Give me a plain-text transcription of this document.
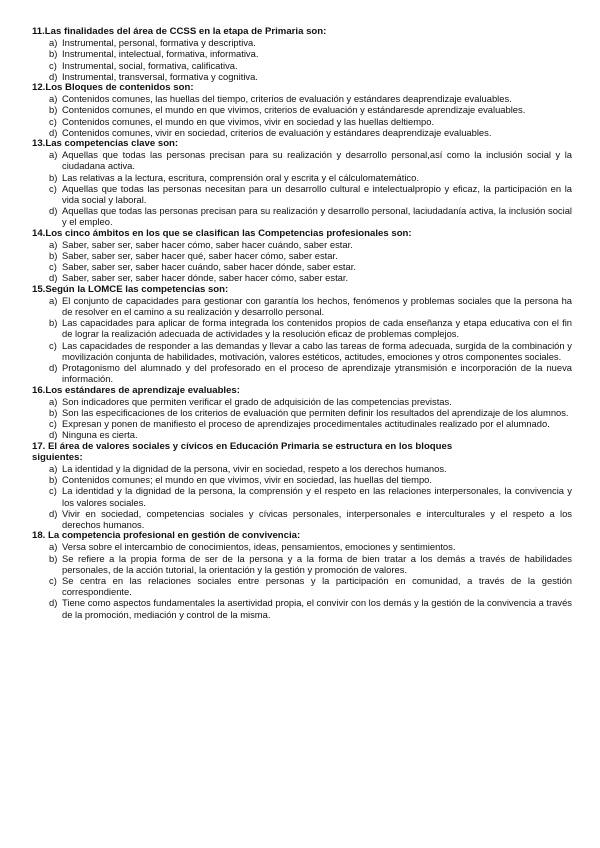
11.Las finalidades del área de CCSS en la etapa de Primaria son:
a) Instrumental, personal, formativa y descriptiva.
b) Instrumental, intelectual, formativa, informativa.
c) Instrumental, social, formativa, calificativa.
d) Instrumental, transversal, formativa y cognitiva.
12.Los Bloques de contenidos son:
a) Contenidos comunes, las huellas del tiempo, criterios de evaluación y estándares deaprendizaje evaluables.
b) Contenidos comunes, el mundo en que vivimos, criterios de evaluación y estándaresde aprendizaje evaluables.
c) Contenidos comunes, el mundo en que vivimos, vivir en sociedad y las huellas deltiempo.
d) Contenidos comunes, vivir en sociedad, criterios de evaluación y estándares deaprendizaje evaluables.
13.Las competencias clave son:
a) Aquellas que todas las personas precisan para su realización y desarrollo personal,así como la inclusión social y la ciudadana activa.
b) Las relativas a la lectura, escritura, comprensión oral y escrita y el cálculomatemático.
c) Aquellas que todas las personas necesitan para un desarrollo cultural e intelectualpropio y eficaz, la participación en la vida social y laboral.
d) Aquellas que todas las personas precisan para su realización y desarrollo personal, laciudadanía activa, la inclusión social y el empleo.
14.Los cinco ámbitos en los que se clasifican las Competencias profesionales son:
a) Saber, saber ser, saber hacer cómo, saber hacer cuándo, saber estar.
b) Saber, saber ser, saber hacer qué, saber hacer cómo, saber estar.
c) Saber, saber ser, saber hacer cuándo, saber hacer dónde, saber estar.
d) Saber, saber ser, saber hacer dónde, saber hacer cómo, saber estar.
15.Según la LOMCE las competencias son:
a) El conjunto de capacidades para gestionar con garantía los hechos, fenómenos y problemas sociales que la persona ha de resolver en el camino a su realización y desarrollo personal.
b) Las capacidades para aplicar de forma integrada los contenidos propios de cada enseñanza y etapa educativa con el fin de lograr la realización adecuada de actividades y la resolución eficaz de problemas complejos.
c) Las capacidades de responder a las demandas y llevar a cabo las tareas de forma adecuada, surgida de la combinación y movilización conjunta de habilidades, motivación, valores estéticos, actitudes, emociones y otros componentes sociales.
d) Protagonismo del alumnado y del profesorado en el proceso de aprendizaje ytransmisión e incorporación de la nueva información.
16.Los estándares de aprendizaje evaluables:
a) Son indicadores que permiten verificar el grado de adquisición de las competencias previstas.
b) Son las especificaciones de los criterios de evaluación que permiten definir los resultados del aprendizaje de los alumnos.
c) Expresan y ponen de manifiesto el proceso de aprendizajes procedimentales actitudinales realizado por el alumnado.
d) Ninguna es cierta.
17. El área de valores sociales y cívicos en Educación Primaria se estructura en los bloques siguientes:
a) La identidad y la dignidad de la persona, vivir en sociedad, respeto a los derechos humanos.
b) Contenidos comunes; el mundo en que vivimos, vivir en sociedad, las huellas del tiempo.
c) La identidad y la dignidad de la persona, la comprensión y el respeto en las relaciones interpersonales, la convivencia y los valores sociales.
d) Vivir en sociedad, competencias sociales y cívicas personales, interpersonales e interculturales y el respeto a los derechos humanos.
18. La competencia profesional en gestión de convivencia:
a) Versa sobre el intercambio de conocimientos, ideas, pensamientos, emociones y sentimientos.
b) Se refiere a la propia forma de ser de la persona y a la forma de bien tratar a los demás a través de habilidades personales, de la acción tutorial, la orientación y la gestión y promoción de valores.
c) Se centra en las relaciones sociales entre personas y la participación en comunidad, a través de la gestión correspondiente.
d) Tiene como aspectos fundamentales la asertividad propia, el convivir con los demás y la gestión de la convivencia a través de la promoción, mediación y control de la misma.
